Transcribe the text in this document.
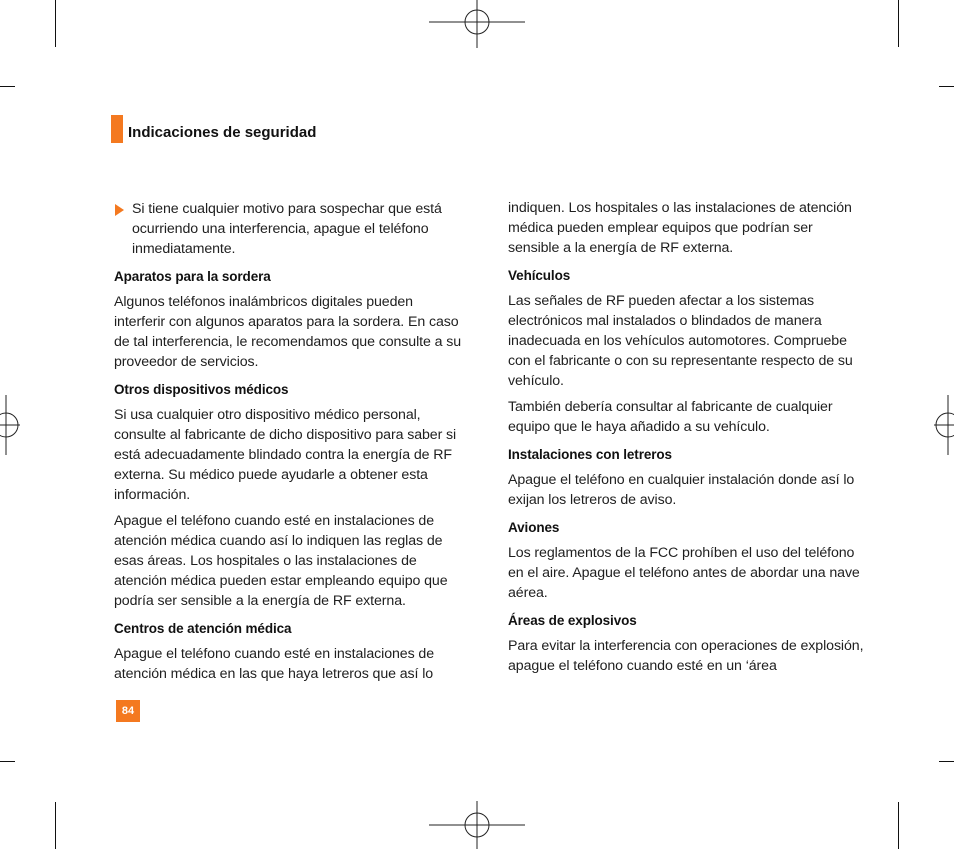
Indicaciones de seguridad
Si tiene cualquier motivo para sospechar que está ocurriendo una interferencia, apague el teléfono inmediatamente.
Aparatos para la sordera

Algunos teléfonos inalámbricos digitales pueden interferir con algunos aparatos para la sordera. En caso de tal interferencia, le recomendamos que consulte a su proveedor de servicios.

Otros dispositivos médicos

Si usa cualquier otro dispositivo médico personal, consulte al fabricante de dicho dispositivo para saber si está adecuadamente blindado contra la energía de RF externa. Su médico puede ayudarle a obtener esta información.

Apague el teléfono cuando esté en instalaciones de atención médica cuando así lo indiquen las reglas de esas áreas. Los hospitales o las instalaciones de atención médica pueden estar empleando equipo que podría ser sensible a la energía de RF externa.

Centros de atención médica

Apague el teléfono cuando esté en instalaciones de atención médica en las que haya letreros que así lo

indiquen. Los hospitales o las instalaciones de atención médica pueden emplear equipos que podrían ser sensible a la energía de RF externa.

Vehículos

Las señales de RF pueden afectar a los sistemas electrónicos mal instalados o blindados de manera inadecuada en los vehículos automotores. Compruebe con el fabricante o con su representante respecto de su vehículo.

También debería consultar al fabricante de cualquier equipo que le haya añadido a su vehículo.

Instalaciones con letreros

Apague el teléfono en cualquier instalación donde así lo exijan los letreros de aviso.

Aviones

Los reglamentos de la FCC prohíben el uso del teléfono en el aire. Apague el teléfono antes de abordar una nave aérea.

Áreas de explosivos

Para evitar la interferencia con operaciones de explosión, apague el teléfono cuando esté en un ‘área

84
